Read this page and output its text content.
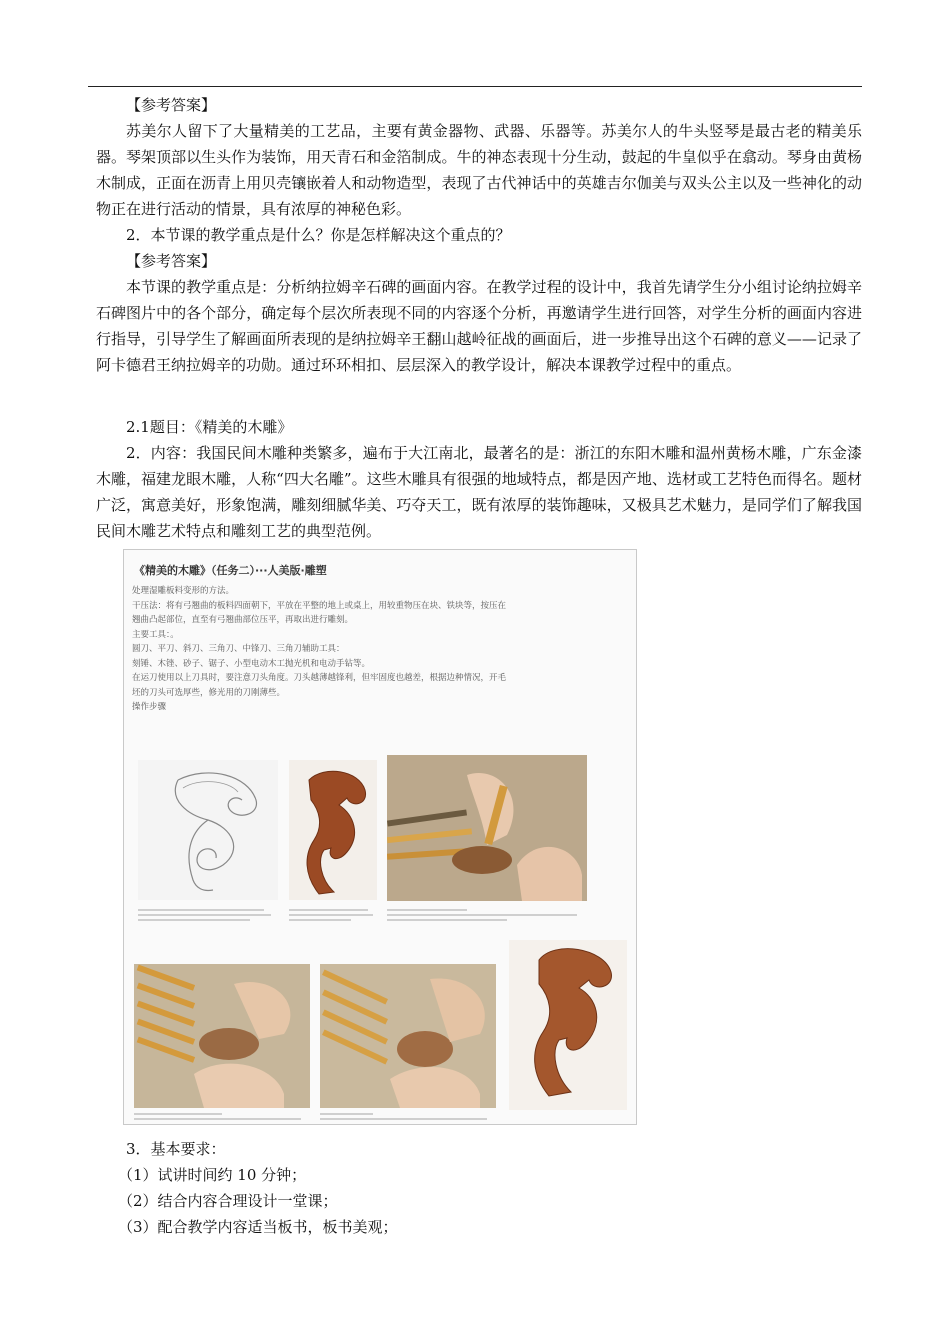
【参考答案】

苏美尔人留下了大量精美的工艺品，主要有黄金器物、武器、乐器等。苏美尔人的牛头竖琴是最古老的精美乐器。琴架顶部以生头作为装饰，用天青石和金箔制成。牛的神态表现十分生动，鼓起的牛皇似乎在翕动。琴身由黄杨木制成，正面在沥青上用贝壳镶嵌着人和动物造型，表现了古代神话中的英雄吉尔伽美与双头公主以及一些神化的动物正在进行活动的情景，具有浓厚的神秘色彩。

2．本节课的教学重点是什么？你是怎样解决这个重点的？

【参考答案】

本节课的教学重点是：分析纳拉姆辛石碑的画面内容。在教学过程的设计中，我首先请学生分小组讨论纳拉姆辛石碑图片中的各个部分，确定每个层次所表现不同的内容逐个分析，再邀请学生进行回答，对学生分析的画面内容进行指导，引导学生了解画面所表现的是纳拉姆辛王翻山越岭征战的画面后，进一步推导出这个石碑的意义——记录了阿卡德君王纳拉姆辛的功勋。通过环环相扣、层层深入的教学设计，解决本课教学过程中的重点。

2.1题目：《精美的木雕》

2．内容：我国民间木雕种类繁多，遍布于大江南北，最著名的是：浙江的东阳木雕和温州黄杨木雕，广东金漆木雕，福建龙眼木雕，人称“四大名雕”。这些木雕具有很强的地域特点，都是因产地、选材或工艺特色而得名。题材广泛，寓意美好，形象饱满，雕刻细腻华美、巧夺天工，既有浓厚的装饰趣味，又极具艺术魅力，是同学们了解我国民间木雕艺术特点和雕刻工艺的典型范例。

《精美的木雕》（任务二）···人美版·雕塑
处理湿雕板料变形的方法。
干压法：将有弓翘曲的板料四面朝下，平放在平整的地上或桌上，用较重物压在块、铁块等，按压在
翘曲凸起部位，直至有弓翘曲部位压平，再取出进行雕刻。
主要工具：。
圆刀、平刀、斜刀、三角刀、中锋刀、三角刀辅助工具：
刻锤、木锉、砂子、锯子、小型电动木工抛光机和电动手钻等。
在运刀使用以上刀具时，要注意刀头角度。刀头越薄越锋利，但牢固度也越差，根据边种情况，开毛
坯的刀头可选厚些，修光用的刀刚薄些。
操作步骤

3．基本要求：

（1）试讲时间约 10 分钟；

（2）结合内容合理设计一堂课；

（3）配合教学内容适当板书，板书美观；
